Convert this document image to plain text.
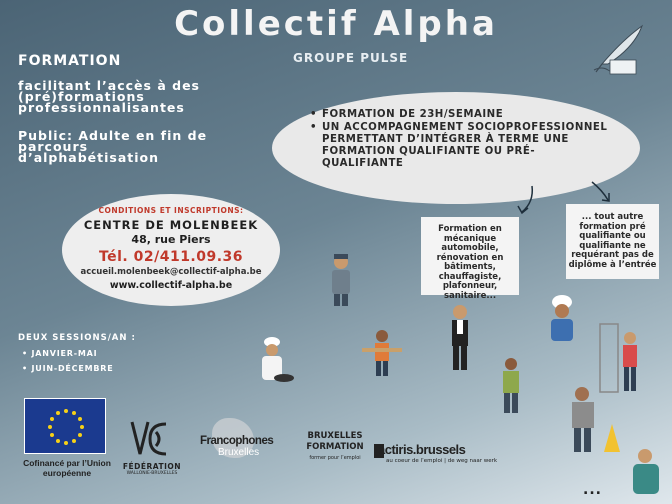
Collectif Alpha
FORMATION
facilitant l’accès à des (pré)formations professionnalisantes
Public: Adulte en fin de parcours d’alphabétisation
GROUPE PULSE
• FORMATION DE 23H/SEMAINE
• UN ACCOMPAGNEMENT SOCIOPROFESSIONNEL PERMETTANT D’INTÉGRER À TERME UNE FORMATION QUALIFIANTE OU PRÉ-QUALIFIANTE
CONDITIONS ET INSCRIPTIONS:
CENTRE DE MOLENBEEK
48, rue Piers
Tél. 02/411.09.36
accueil.molenbeek@collectif-alpha.be
www.collectif-alpha.be
Formation en mécanique automobile, rénovation en bâtiments, chauffagiste, plafonneur, sanitaire...
... tout autre formation pré qualifiante ou qualifiante ne requérant pas de diplôme à l’entrée
DEUX SESSIONS/AN :
• JANVIER-MAI
• JUIN-DÉCEMBRE
Cofinancé par l’Union européenne
FÉDÉRATION
WALLONIE-BRUXELLES
Francophones
Bruxelles
BRUXELLES
FORMATION
former pour l’emploi
actiris.brussels
au coeur de l’emploi | de weg naar werk
...
